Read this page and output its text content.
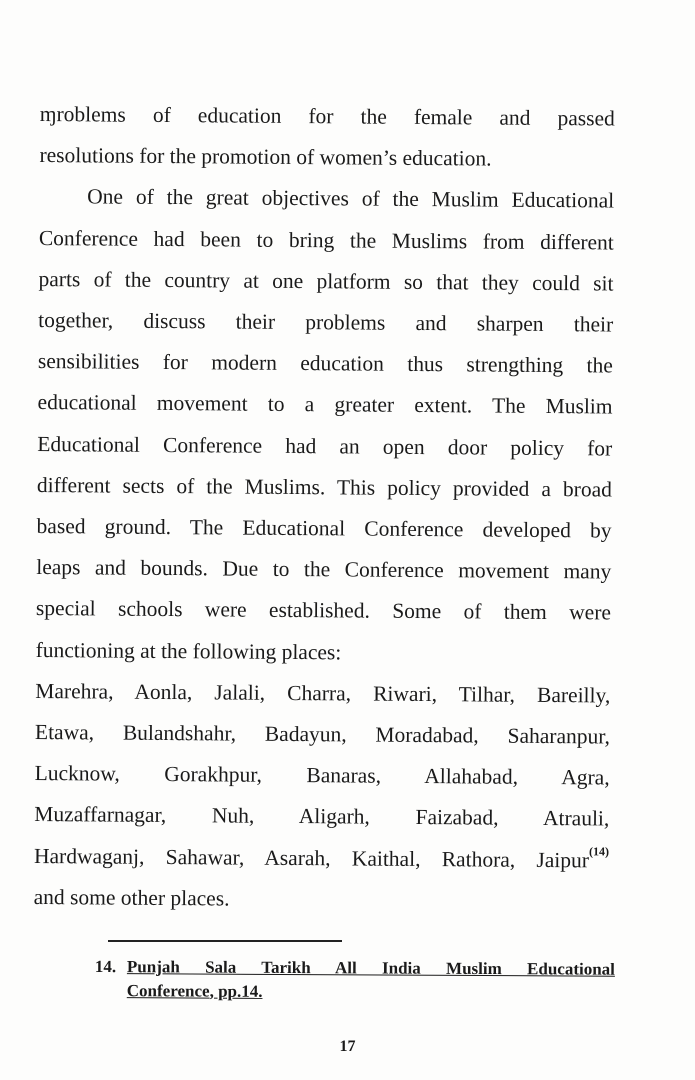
ɱroblems of education for the female and passed
resolutions for the promotion of women’s education.

One of the great objectives of the Muslim Educational
Conference had been to bring the Muslims from different
parts of the country at one platform so that they could sit
together, discuss their problems and sharpen their
sensibilities for modern education thus strengthing the
educational movement to a greater extent. The Muslim
Educational Conference had an open door policy for
different sects of the Muslims. This policy provided a broad
based ground. The Educational Conference developed by
leaps and bounds. Due to the Conference movement many
special schools were established. Some of them were
functioning at the following places:

Marehra, Aonla, Jalali, Charra, Riwari, Tilhar, Bareilly,
Etawa, Bulandshahr, Badayun, Moradabad, Saharanpur,
Lucknow, Gorakhpur, Banaras, Allahabad, Agra,
Muzaffarnagar, Nuh, Aligarh, Faizabad, Atrauli,
Hardwaganj, Sahawar, Asarah, Kaithal, Rathora, Jaipur$^{(14)}$
and some other places.

14. Punjah Sala Tarikh All India Muslim Educational
Conference, pp.14.
17
